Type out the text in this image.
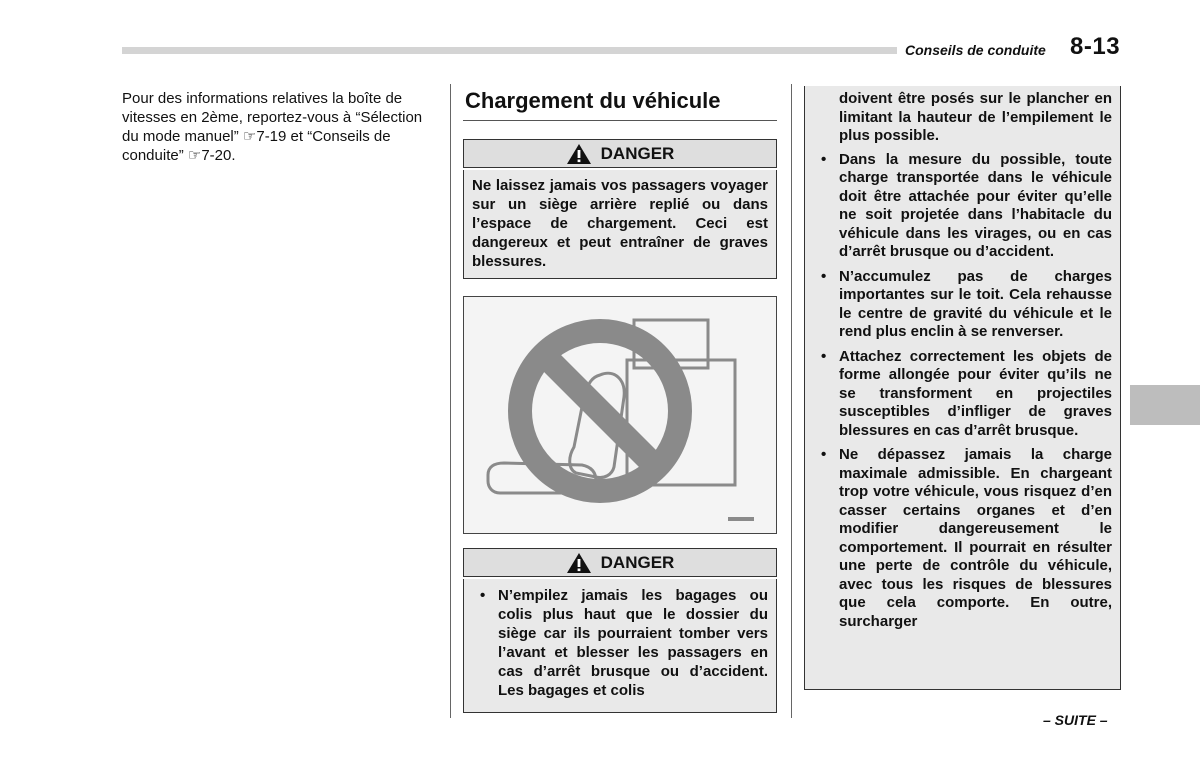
Conseils de conduite 8-13

Pour des informations relatives la boîte de vitesses en 2ème, reportez-vous à “Sélection du mode manuel” ☞7-19 et “Conseils de conduite” ☞7-20.

Chargement du véhicule
DANGER
Ne laissez jamais vos passagers voyager sur un siège arrière replié ou dans l’espace de chargement. Ceci est dangereux et peut entraîner de graves blessures.
DANGER
• N’empilez jamais les bagages ou colis plus haut que le dossier du siège car ils pourraient tomber vers l’avant et blesser les passagers en cas d’arrêt brusque ou d’accident. Les bagages et colis
doivent être posés sur le plancher en limitant la hauteur de l’empilement le plus possible.
• Dans la mesure du possible, toute charge transportée dans le véhicule doit être attachée pour éviter qu’elle ne soit projetée dans l’habitacle du véhicule dans les virages, ou en cas d’arrêt brusque ou d’accident.
• N’accumulez pas de charges importantes sur le toit. Cela rehausse le centre de gravité du véhicule et le rend plus enclin à se renverser.
• Attachez correctement les objets de forme allongée pour éviter qu’ils ne se transforment en projectiles susceptibles d’infliger de graves blessures en cas d’arrêt brusque.
• Ne dépassez jamais la charge maximale admissible. En chargeant trop votre véhicule, vous risquez d’en casser certains organes et d’en modifier dangereusement le comportement. Il pourrait en résulter une perte de contrôle du véhicule, avec tous les risques de blessures que cela comporte. En outre, surcharger
– SUITE –
